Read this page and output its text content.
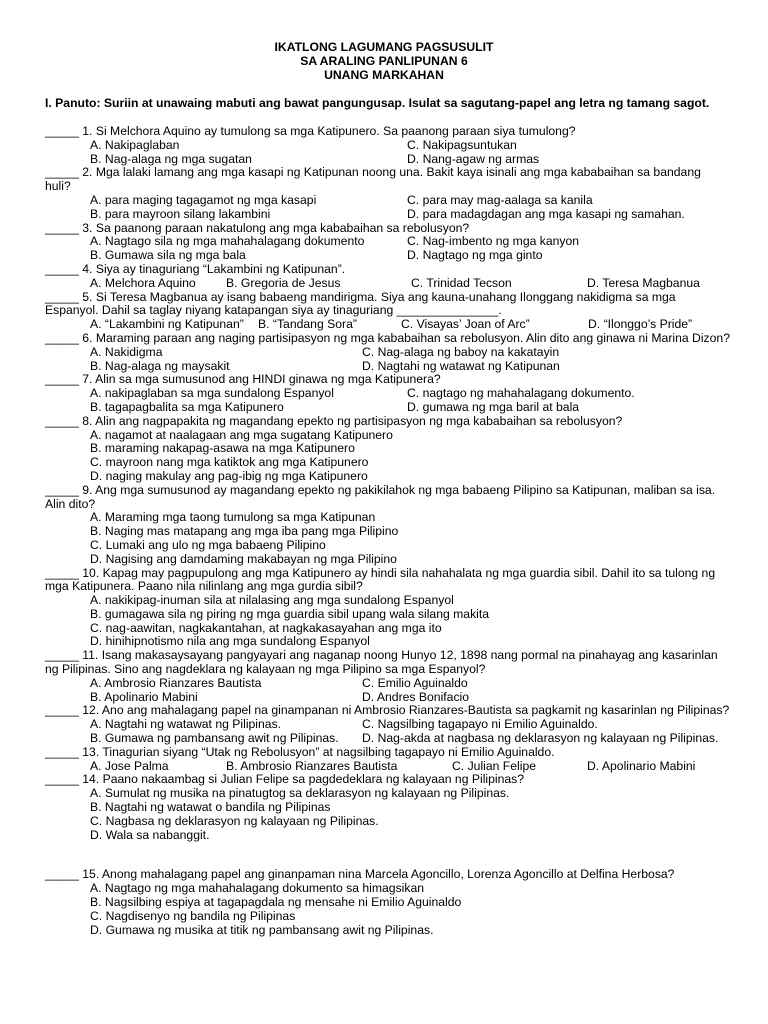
IKATLONG LAGUMANG PAGSUSULIT
SA ARALING PANLIPUNAN 6
UNANG MARKAHAN
I. Panuto: Suriin at unawaing mabuti ang bawat pangungusap. Isulat sa sagutang-papel ang letra ng tamang sagot.
_____ 1. Si Melchora Aquino ay tumulong sa mga Katipunero. Sa paanong paraan siya tumulong?
A. Nakipaglaban	C. Nakipagsuntukan
B. Nag-alaga ng mga sugatan	D. Nang-agaw ng armas
_____ 2. Mga lalaki lamang ang mga kasapi ng Katipunan noong una. Bakit kaya isinali ang mga kababaihan sa bandang huli?
A. para maging tagagamot ng mga kasapi	C. para may mag-aalaga sa kanila
B. para mayroon silang lakambini	D. para madagdagan ang mga kasapi ng samahan.
_____ 3. Sa paanong paraan nakatulong ang mga kababaihan sa rebolusyon?
A. Nagtago sila ng mga mahahalagang dokumento	C. Nag-imbento ng mga kanyon
B. Gumawa sila ng mga bala	D. Nagtago ng mga ginto
_____ 4. Siya ay tinaguriang “Lakambini ng Katipunan”.
A. Melchora Aquino B. Gregoria de Jesus	C. Trinidad Tecson	D. Teresa Magbanua
_____ 5. Si Teresa Magbanua ay isang babaeng mandirigma. Siya ang kauna-unahang Ilonggang nakidigma sa mga Espanyol. Dahil sa taglay niyang katapangan siya ay tinaguriang _______________.
A. “Lakambini ng Katipunan” B. “Tandang Sora”	C. Visayas’ Joan of Arc”	D. “Ilonggo’s Pride”
_____ 6. Maraming paraan ang naging partisipasyon ng mga kababaihan sa rebolusyon. Alin dito ang ginawa ni Marina Dizon?
A. Nakidigma	C. Nag-alaga ng baboy na kakatayin
B. Nag-alaga ng maysakit	D. Nagtahi ng watawat ng Katipunan
_____ 7. Alin sa mga sumusunod ang HINDI ginawa ng mga Katipunera?
A. nakipaglaban sa mga sundalong Espanyol	C. nagtago ng mahahalagang dokumento.
B. tagapagbalita sa mga Katipunero	D. gumawa ng mga baril at bala
_____ 8. Alin ang nagpapakita ng magandang epekto ng partisipasyon ng mga kababaihan sa rebolusyon?
A. nagamot at naalagaan ang mga sugatang Katipunero
B. maraming nakapag-asawa na mga Katipunero
C. mayroon nang mga katiktok ang mga Katipunero
D. naging makulay ang pag-ibig ng mga Katipunero
_____ 9. Ang mga sumusunod ay magandang epekto ng pakikilahok ng mga babaeng Pilipino sa Katipunan, maliban sa isa. Alin dito?
A. Maraming mga taong tumulong sa mga Katipunan
B. Naging mas matapang ang mga iba pang mga Pilipino
C. Lumaki ang ulo ng mga babaeng Pilipino
D. Nagising ang damdaming makabayan ng mga Pilipino
_____ 10. Kapag may pagpupulong ang mga Katipunero ay hindi sila nahahalata ng mga guardia sibil. Dahil ito sa tulong ng mga Katipunera. Paano nila nilinlang ang mga gurdia sibil?
A. nakikipag-inuman sila at nilalasing ang mga sundalong Espanyol
B. gumagawa sila ng piring ng mga guardia sibil upang wala silang makita
C. nag-aawitan, nagkakantahan, at nagkakasayahan ang mga ito
D. hinihipnotismo nila ang mga sundalong Espanyol
_____ 11. Isang makasaysayang pangyayari ang naganap noong Hunyo 12, 1898 nang pormal na pinahayag ang kasarinlan ng Pilipinas. Sino ang nagdeklara ng kalayaan ng mga Pilipino sa mga Espanyol?
A. Ambrosio Rianzares Bautista	C. Emilio Aguinaldo
B. Apolinario Mabini	D. Andres Bonifacio
_____ 12. Ano ang mahalagang papel na ginampanan ni Ambrosio Rianzares-Bautista sa pagkamit ng kasarinlan ng Pilipinas?
A. Nagtahi ng watawat ng Pilipinas.	C. Nagsilbing tagapayo ni Emilio Aguinaldo.
B. Gumawa ng pambansang awit ng Pilipinas. D. Nag-akda at nagbasa ng deklarasyon ng kalayaan ng Pilipinas.
_____ 13. Tinagurian siyang “Utak ng Rebolusyon” at nagsilbing tagapayo ni Emilio Aguinaldo.
A. Jose Palma	B. Ambrosio Rianzares Bautista	C. Julian Felipe	D. Apolinario Mabini
_____ 14. Paano nakaambag si Julian Felipe sa pagdedeklara ng kalayaan ng Pilipinas?
A. Sumulat ng musika na pinatugtog sa deklarasyon ng kalayaan ng Pilipinas.
B. Nagtahi ng watawat o bandila ng Pilipinas
C. Nagbasa ng deklarasyon ng kalayaan ng Pilipinas.
D. Wala sa nabanggit.
_____ 15. Anong mahalagang papel ang ginanpaman nina Marcela Agoncillo, Lorenza Agoncillo at Delfina Herbosa?
A. Nagtago ng mga mahahalagang dokumento sa himagsikan
B. Nagsilbing espiya at tagapagdala ng mensahe ni Emilio Aguinaldo
C. Nagdisenyo ng bandila ng Pilipinas
D. Gumawa ng musika at titik ng pambansang awit ng Pilipinas.
